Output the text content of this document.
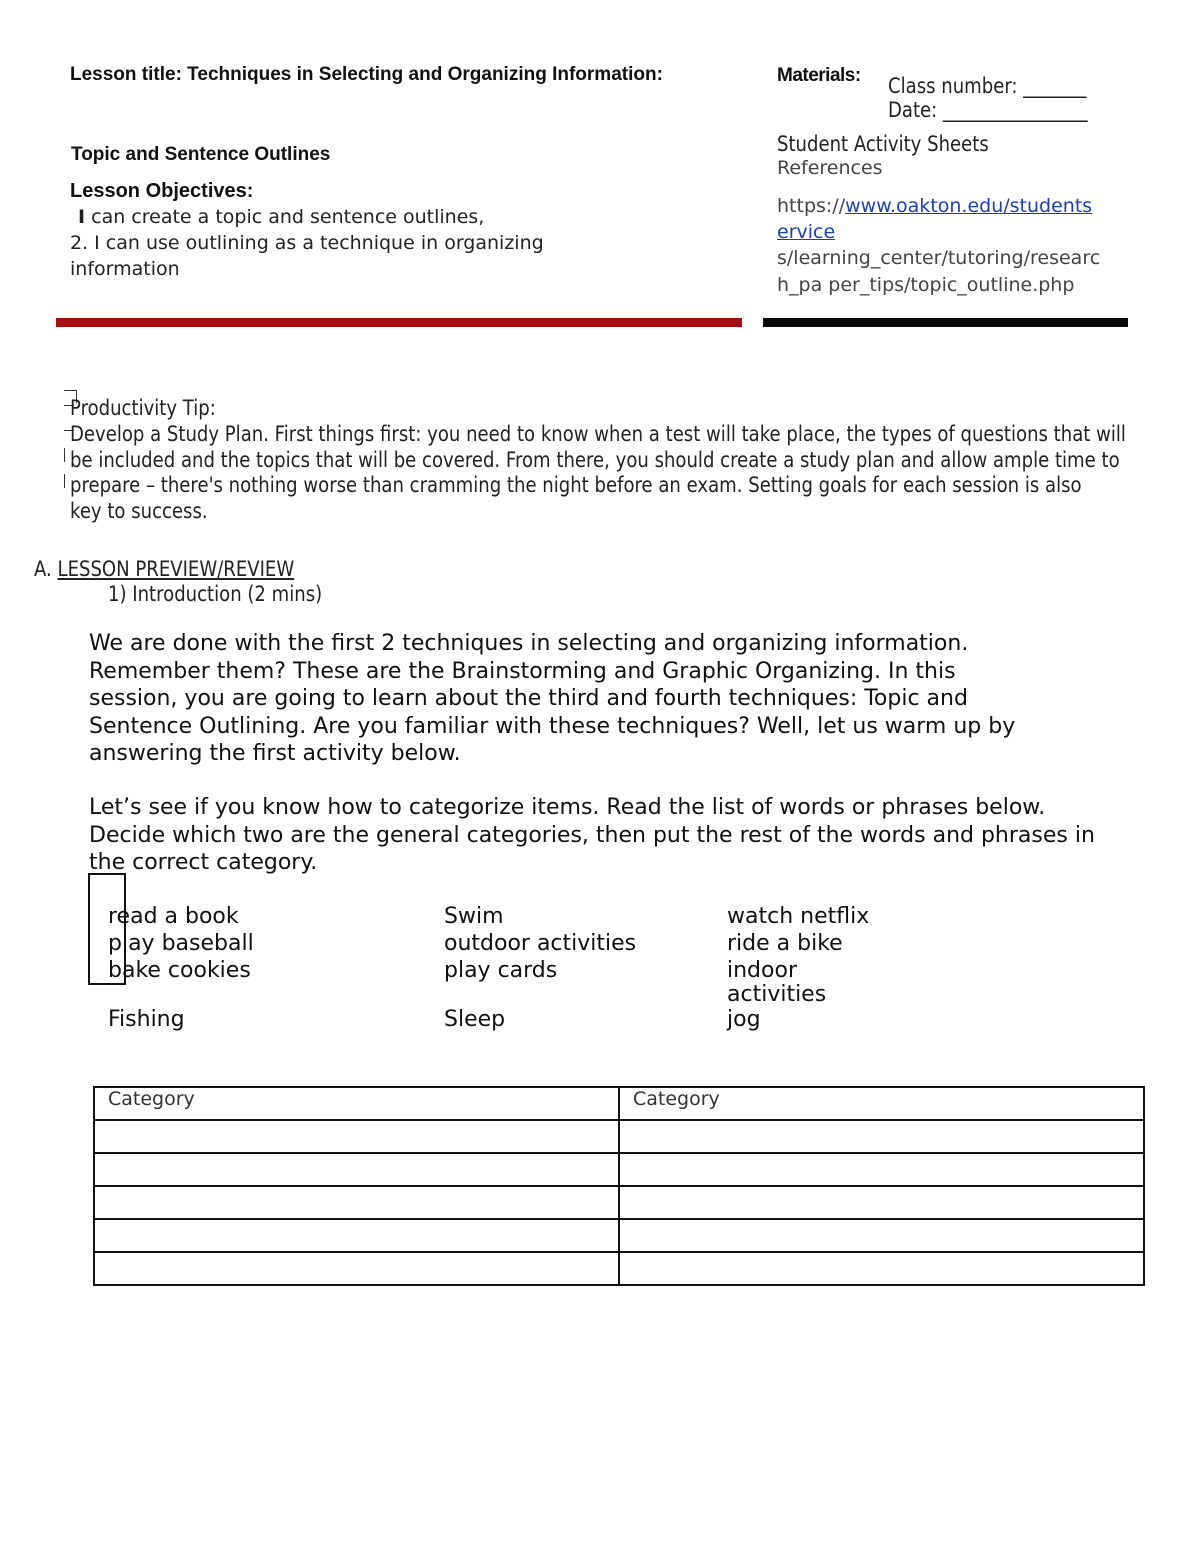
Lesson title: Techniques in Selecting and Organizing Information:
Topic and Sentence Outlines
Lesson Objectives:
I can create a topic and sentence outlines,
2. I can use outlining as a technique in organizing
information
Materials: Class number: _______
Date: ________________
Student Activity Sheets
References
https://www.oakton.edu/students
ervice
s/learning_center/tutoring/researc
h_pa per_tips/topic_outline.php
Productivity Tip:
Develop a Study Plan. First things first: you need to know when a test will take place, the types of questions that will
be included and the topics that will be covered. From there, you should create a study plan and allow ample time to
prepare – there's nothing worse than cramming the night before an exam. Setting goals for each session is also
key to success.
A. LESSON PREVIEW/REVIEW
1) Introduction (2 mins)
We are done with the first 2 techniques in selecting and organizing information.
Remember them? These are the Brainstorming and Graphic Organizing. In this
session, you are going to learn about the third and fourth techniques: Topic and
Sentence Outlining. Are you familiar with these techniques? Well, let us warm up by
answering the first activity below.
Let’s see if you know how to categorize items. Read the list of words or phrases below.
Decide which two are the general categories, then put the rest of the words and phrases in
the correct category.
read a book
play baseball
bake cookies
Fishing
Swim
outdoor activities
play cards
Sleep
watch netflix
ride a bike
indoor
activities
jog
Category	Category
